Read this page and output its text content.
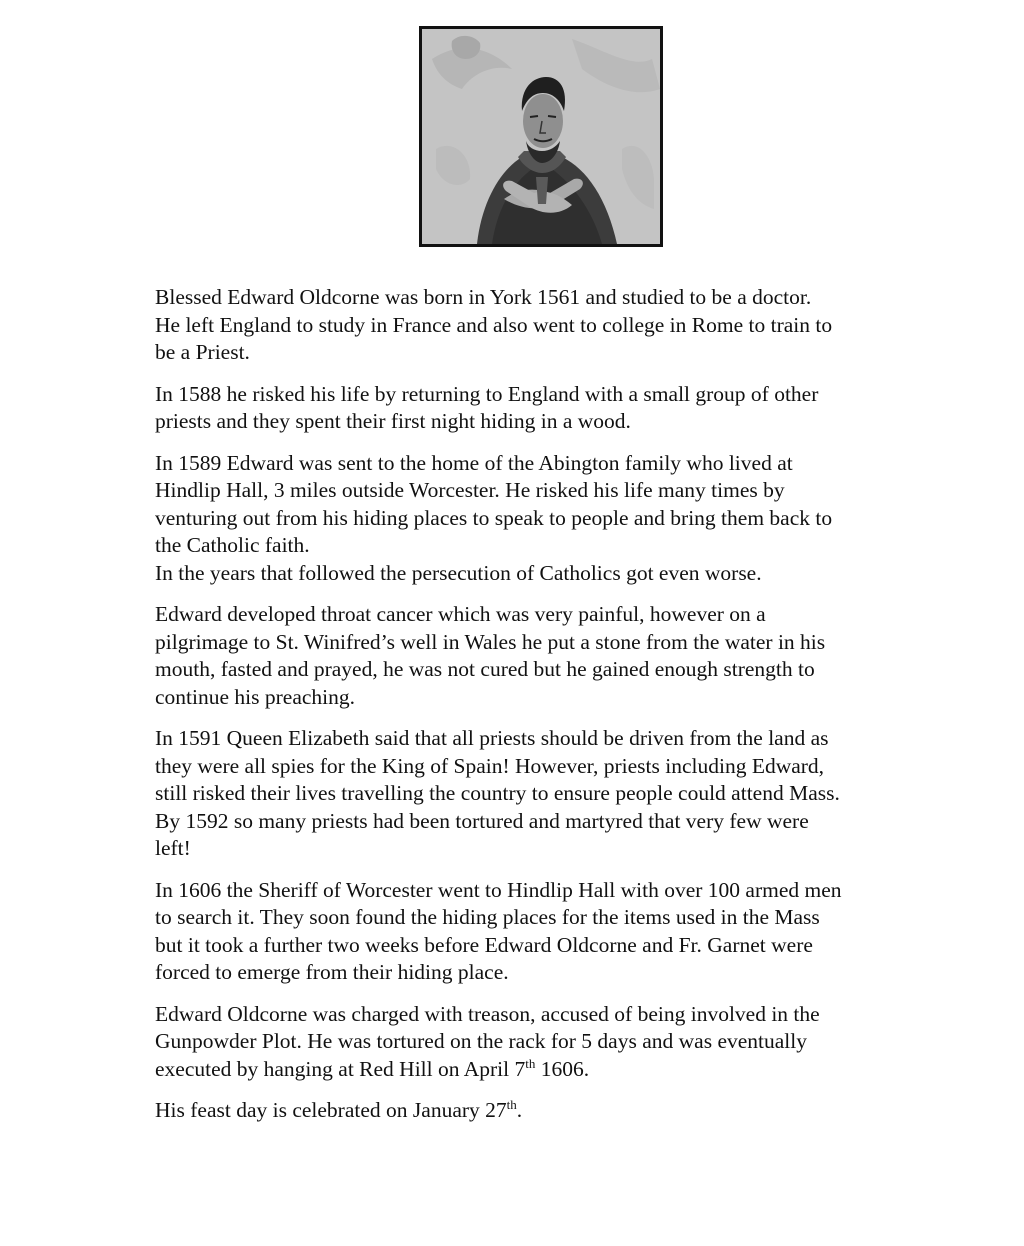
Blessed Edward Oldcorne was born in York 1561 and studied to be a doctor.
He left England to study in France and also went to college in Rome to train to
be a Priest.

In 1588 he risked his life by returning to England with a small group of other
priests and they spent their first night hiding in a wood.

In 1589 Edward was sent to the home of the Abington family who lived at
Hindlip Hall, 3 miles outside Worcester. He risked his life many times by
venturing out from his hiding places to speak to people and bring them back to
the Catholic faith.
In the years that followed the persecution of Catholics got even worse.

Edward developed throat cancer which was very painful, however on a
pilgrimage to St. Winifred’s well in Wales he put a stone from the water in his
mouth, fasted and prayed, he was not cured but he gained enough strength to
continue his preaching.

In 1591 Queen Elizabeth said that all priests should be driven from the land as
they were all spies for the King of Spain! However, priests including Edward,
still risked their lives travelling the country to ensure people could attend Mass.
By 1592 so many priests had been tortured and martyred that very few were
left!

In 1606 the Sheriff of Worcester went to Hindlip Hall with over 100 armed men
to search it. They soon found the hiding places for the items used in the Mass
but it took a further two weeks before Edward Oldcorne and Fr. Garnet were
forced to emerge from their hiding place.

Edward Oldcorne was charged with treason, accused of being involved in the
Gunpowder Plot. He was tortured on the rack for 5 days and was eventually
executed by hanging at Red Hill on April 7th 1606.

His feast day is celebrated on January 27th.
